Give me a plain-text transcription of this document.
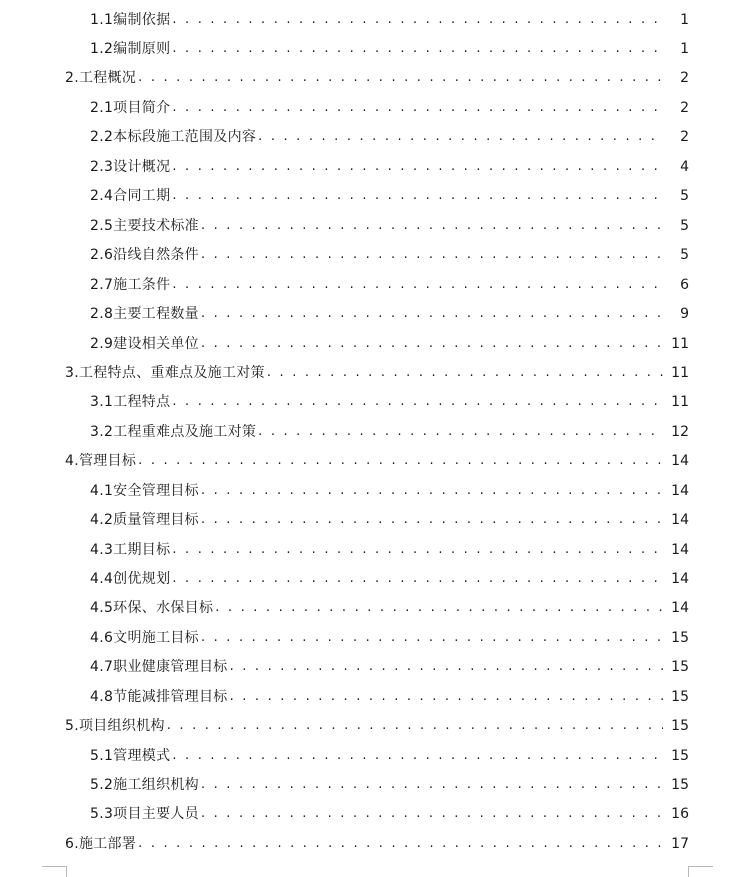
1.1编制依据 . . .	1
1.2编制原则 . . .	1
2.工程概况 . . .	2
2.1项目简介 . . .	2
2.2本标段施工范围及内容 . . .	2
2.3设计概况 . . .	4
2.4合同工期 . . .	5
2.5主要技术标准 . . .	5
2.6沿线自然条件 . . .	5
2.7施工条件 . . .	6
2.8主要工程数量 . . .	9
2.9建设相关单位 . . .	11
3.工程特点、重难点及施工对策 . . .	11
3.1工程特点 . . .	11
3.2工程重难点及施工对策 . . .	12
4.管理目标 . . .	14
4.1安全管理目标 . . .	14
4.2质量管理目标 . . .	14
4.3工期目标 . . .	14
4.4创优规划 . . .	14
4.5环保、水保目标 . . .	14
4.6文明施工目标 . . .	15
4.7职业健康管理目标 . . .	15
4.8节能减排管理目标 . . .	15
5.项目组织机构 . . .	15
5.1管理模式 . . .	15
5.2施工组织机构 . . .	15
5.3项目主要人员 . . .	16
6.施工部署 . . .	17
